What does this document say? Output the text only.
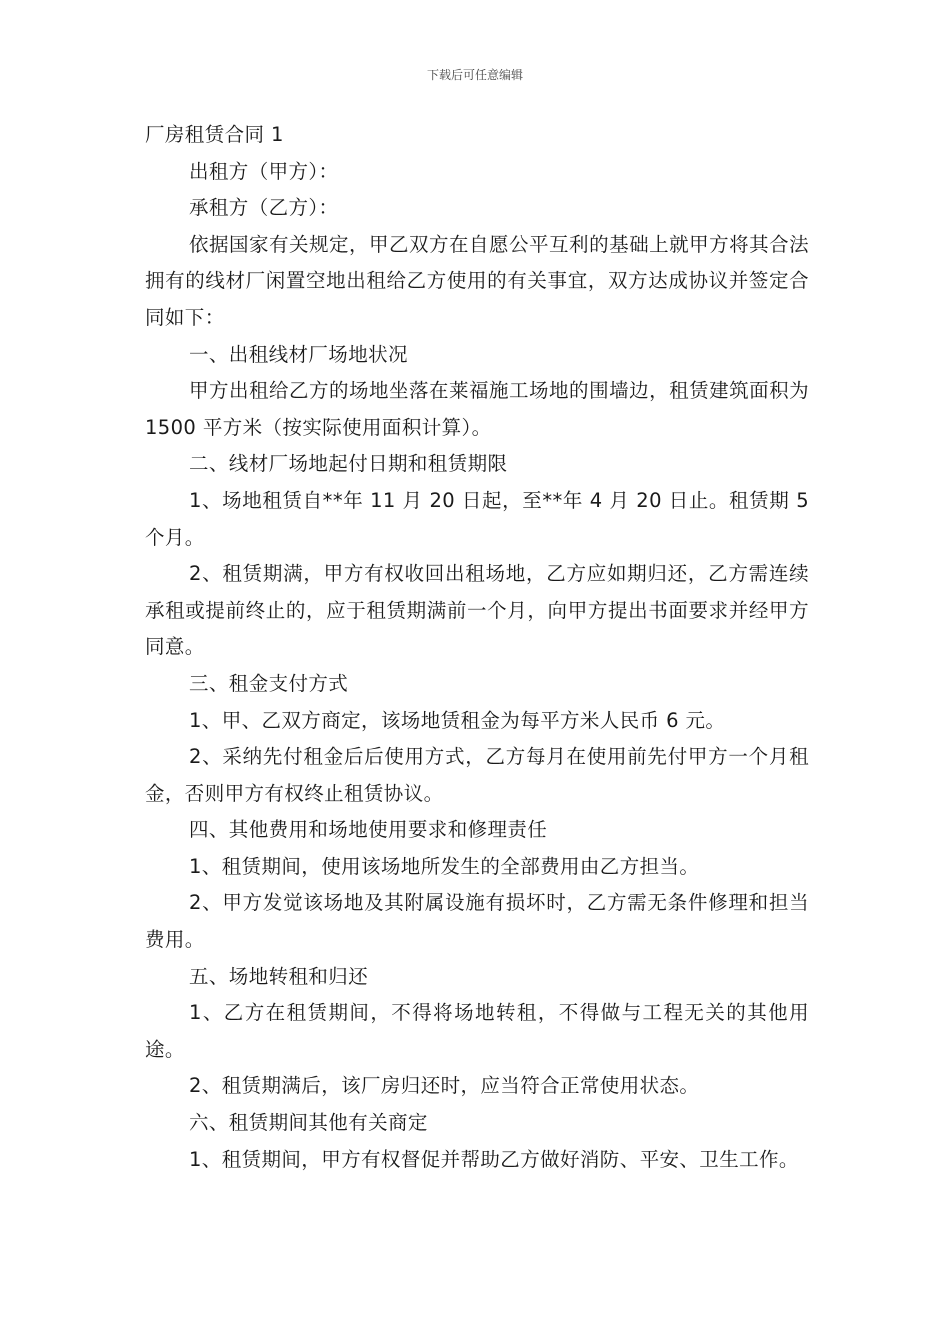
下载后可任意编辑

厂房租赁合同 1

出租方（甲方）：

承租方（乙方）：

依据国家有关规定，甲乙双方在自愿公平互利的基础上就甲方将其合法拥有的线材厂闲置空地出租给乙方使用的有关事宜，双方达成协议并签定合同如下：

一、出租线材厂场地状况

甲方出租给乙方的场地坐落在莱福施工场地的围墙边，租赁建筑面积为 1500 平方米（按实际使用面积计算）。

二、线材厂场地起付日期和租赁期限

1、场地租赁自**年 11 月 20 日起，至**年 4 月 20 日止。租赁期 5 个月。

2、租赁期满，甲方有权收回出租场地，乙方应如期归还，乙方需连续承租或提前终止的，应于租赁期满前一个月，向甲方提出书面要求并经甲方同意。

三、租金支付方式

1、甲、乙双方商定，该场地赁租金为每平方米人民币 6 元。

2、采纳先付租金后后使用方式，乙方每月在使用前先付甲方一个月租金，否则甲方有权终止租赁协议。

四、其他费用和场地使用要求和修理责任

1、租赁期间，使用该场地所发生的全部费用由乙方担当。

2、甲方发觉该场地及其附属设施有损坏时，乙方需无条件修理和担当费用。

五、场地转租和归还

1、乙方在租赁期间，不得将场地转租，不得做与工程无关的其他用途。

2、租赁期满后，该厂房归还时，应当符合正常使用状态。

六、租赁期间其他有关商定

1、租赁期间，甲方有权督促并帮助乙方做好消防、平安、卫生工作。
